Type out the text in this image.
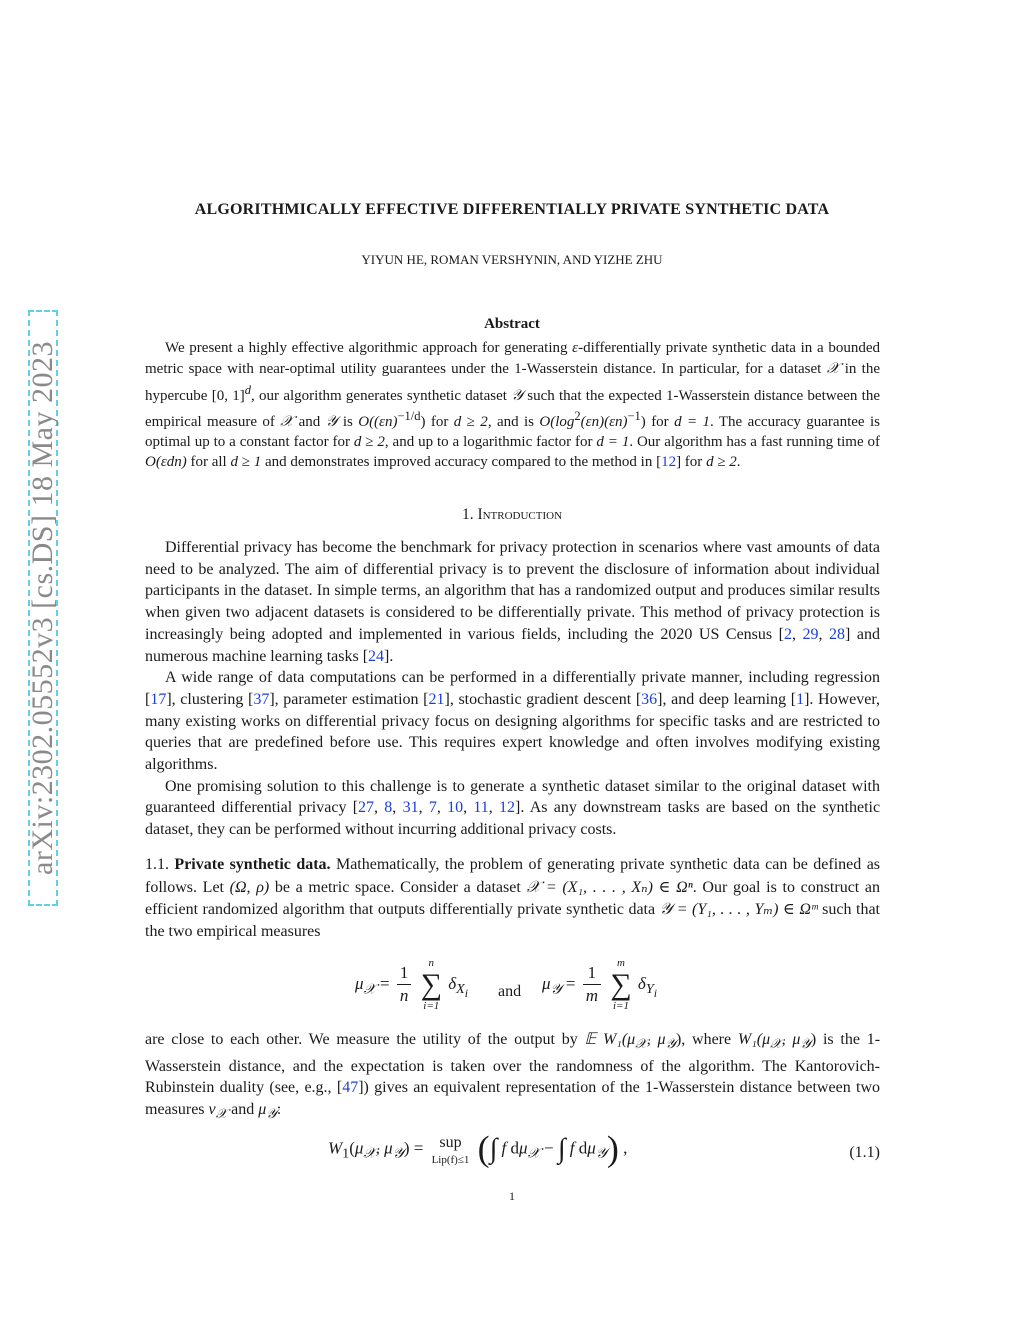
arXiv:2302.05552v3 [cs.DS] 18 May 2023
ALGORITHMICALLY EFFECTIVE DIFFERENTIALLY PRIVATE SYNTHETIC DATA
YIYUN HE, ROMAN VERSHYNIN, AND YIZHE ZHU
Abstract

We present a highly effective algorithmic approach for generating ε-differentially private synthetic data in a bounded metric space with near-optimal utility guarantees under the 1-Wasserstein distance. In particular, for a dataset 𝒳 in the hypercube [0, 1]$^d$, our algorithm generates synthetic dataset 𝒴 such that the expected 1-Wasserstein distance between the empirical measure of 𝒳 and 𝒴 is $O((\varepsilon n)^{-1/d})$ for d ≥ 2, and is $O(\log^2(\varepsilon n)(\varepsilon n)^{-1})$ for d = 1. The accuracy guarantee is optimal up to a constant factor for d ≥ 2, and up to a logarithmic factor for d = 1. Our algorithm has a fast running time of O(εdn) for all d ≥ 1 and demonstrates improved accuracy compared to the method in [12] for d ≥ 2.

1. Introduction

Differential privacy has become the benchmark for privacy protection in scenarios where vast amounts of data need to be analyzed. The aim of differential privacy is to prevent the disclosure of information about individual participants in the dataset. In simple terms, an algorithm that has a randomized output and produces similar results when given two adjacent datasets is considered to be differentially private. This method of privacy protection is increasingly being adopted and implemented in various fields, including the 2020 US Census [2, 29, 28] and numerous machine learning tasks [24].

A wide range of data computations can be performed in a differentially private manner, including regression [17], clustering [37], parameter estimation [21], stochastic gradient descent [36], and deep learning [1]. However, many existing works on differential privacy focus on designing algorithms for specific tasks and are restricted to queries that are predefined before use. This requires expert knowledge and often involves modifying existing algorithms.

One promising solution to this challenge is to generate a synthetic dataset similar to the original dataset with guaranteed differential privacy [27, 8, 31, 7, 10, 11, 12]. As any downstream tasks are based on the synthetic dataset, they can be performed without incurring additional privacy costs.

1.1. Private synthetic data. Mathematically, the problem of generating private synthetic data can be defined as follows. Let (Ω, ρ) be a metric space. Consider a dataset 𝒳 = (X₁, . . . , Xₙ) ∈ Ωⁿ. Our goal is to construct an efficient randomized algorithm that outputs differentially private synthetic data 𝒴 = (Y₁, . . . , Yₘ) ∈ Ωᵐ such that the two empirical measures

$\mu_𝒳 = \frac{1}{n}$
	n
∑
i=1
$\delta_{X_i}$ and $\mu_𝒴 = \frac{1}{m}$
	m
∑
i=1
$\delta_{Y_i}$

are close to each other. We measure the utility of the output by 𝔼 $W_1(\mu_𝒳$, $\mu_𝒴$), where $W_1(\mu_𝒳$, $\mu_𝒴$) is the 1-Wasserstein distance, and the expectation is taken over the randomness of the algorithm. The Kantorovich-Rubinstein duality (see, e.g., [47]) gives an equivalent representation of the 1-Wasserstein distance between two measures $\nu_𝒳$ and $\mu_𝒴$:

$W_1(\mu_𝒳$, $\mu_𝒴$) = sup
Lip(f)≤1 (∫ f $d\mu_𝒳$ − ∫ f $d\mu_𝒴$) ,	(1.1)
1
